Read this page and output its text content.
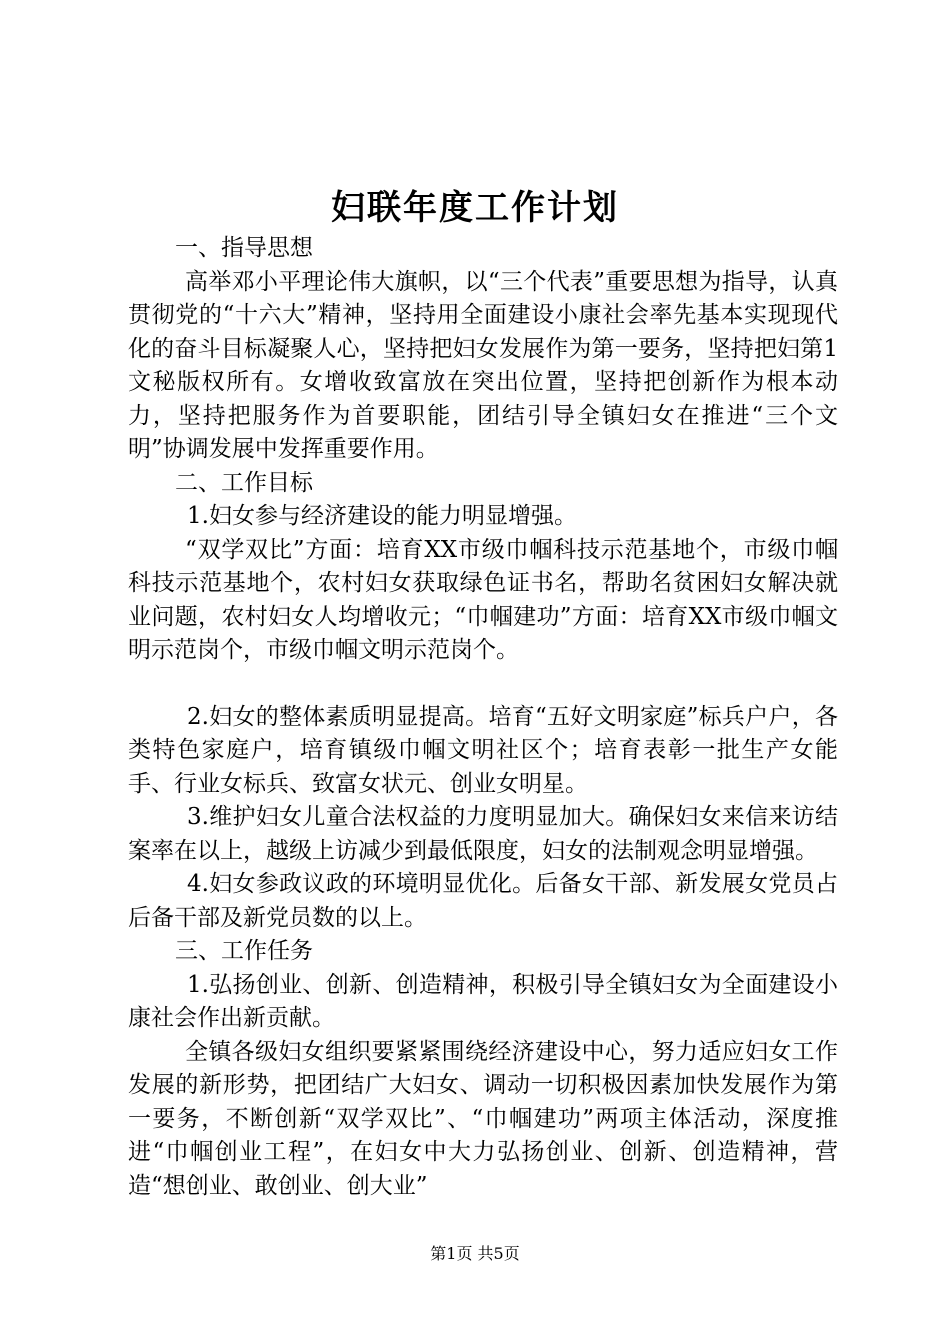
妇联年度工作计划

一、指导思想

高举邓小平理论伟大旗帜，以“三个代表”重要思想为指导，认真贯彻党的“十六大”精神，坚持用全面建设小康社会率先基本实现现代化的奋斗目标凝聚人心，坚持把妇女发展作为第一要务，坚持把妇第1文秘版权所有。女增收致富放在突出位置，坚持把创新作为根本动力，坚持把服务作为首要职能，团结引导全镇妇女在推进“三个文明”协调发展中发挥重要作用。

二、工作目标

1.妇女参与经济建设的能力明显增强。

“双学双比”方面：培育XX市级巾帼科技示范基地个，市级巾帼科技示范基地个，农村妇女获取绿色证书名，帮助名贫困妇女解决就业问题，农村妇女人均增收元；“巾帼建功”方面：培育XX市级巾帼文明示范岗个，市级巾帼文明示范岗个。

2.妇女的整体素质明显提高。培育“五好文明家庭”标兵户户，各类特色家庭户，培育镇级巾帼文明社区个；培育表彰一批生产女能手、行业女标兵、致富女状元、创业女明星。

3.维护妇女儿童合法权益的力度明显加大。确保妇女来信来访结案率在以上，越级上访减少到最低限度，妇女的法制观念明显增强。

4.妇女参政议政的环境明显优化。后备女干部、新发展女党员占后备干部及新党员数的以上。

三、工作任务

1.弘扬创业、创新、创造精神，积极引导全镇妇女为全面建设小康社会作出新贡献。

全镇各级妇女组织要紧紧围绕经济建设中心，努力适应妇女工作发展的新形势，把团结广大妇女、调动一切积极因素加快发展作为第一要务，不断创新“双学双比”、“巾帼建功”两项主体活动，深度推进“巾帼创业工程”，在妇女中大力弘扬创业、创新、创造精神，营造“想创业、敢创业、创大业”

第1页 共5页
